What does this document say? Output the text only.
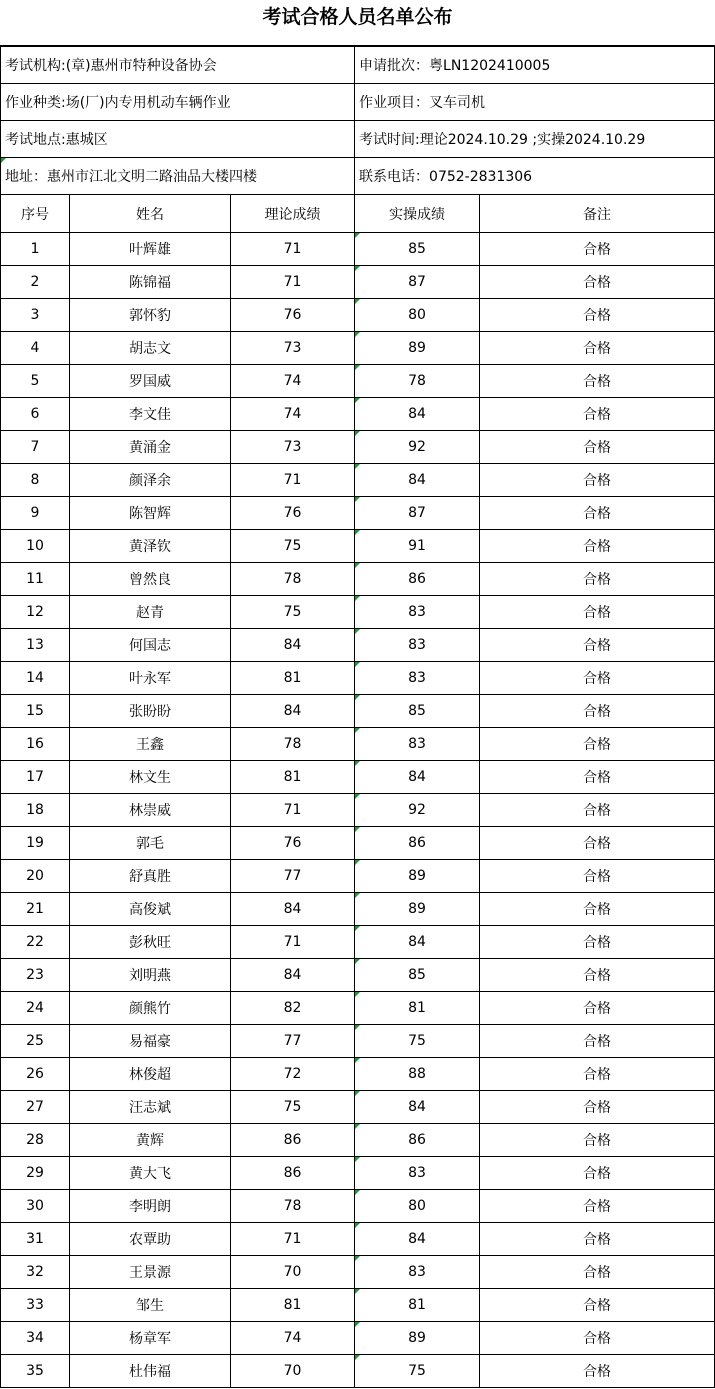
考试合格人员名单公布
考试机构:(章)惠州市特种设备协会			申请批次：粤LN1202410005	
作业种类:场(厂)内专用机动车辆作业			作业项目：叉车司机	
考试地点:惠城区			考试时间:理论2024.10.29 ;实操2024.10.29	
地址：惠州市江北文明二路油品大楼四楼			联系电话：0752-2831306	
序号	姓名	理论成绩	实操成绩	备注
1	叶辉雄	71	85	合格
2	陈锦福	71	87	合格
3	郭怀豹	76	80	合格
4	胡志文	73	89	合格
5	罗国威	74	78	合格
6	李文佳	74	84	合格
7	黄涌金	73	92	合格
8	颜泽余	71	84	合格
9	陈智辉	76	87	合格
10	黄泽钦	75	91	合格
11	曾然良	78	86	合格
12	赵青	75	83	合格
13	何国志	84	83	合格
14	叶永军	81	83	合格
15	张盼盼	84	85	合格
16	王鑫	78	83	合格
17	林文生	81	84	合格
18	林崇威	71	92	合格
19	郭毛	76	86	合格
20	舒真胜	77	89	合格
21	高俊斌	84	89	合格
22	彭秋旺	71	84	合格
23	刘明燕	84	85	合格
24	颜熊竹	82	81	合格
25	易福豪	77	75	合格
26	林俊超	72	88	合格
27	汪志斌	75	84	合格
28	黄辉	86	86	合格
29	黄大飞	86	83	合格
30	李明朗	78	80	合格
31	农覃助	71	84	合格
32	王景源	70	83	合格
33	邹生	81	81	合格
34	杨章军	74	89	合格
35	杜伟福	70	75	合格
